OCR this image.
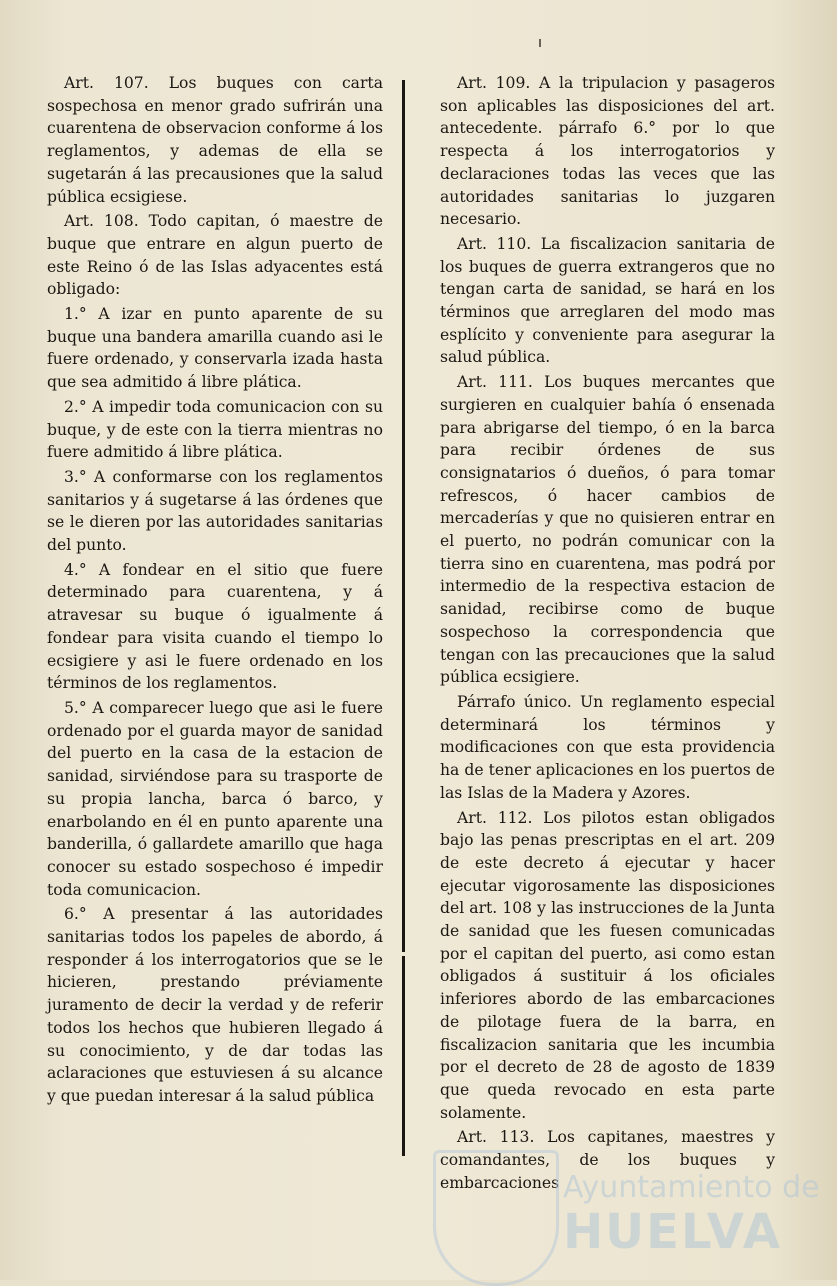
Art. 107. Los buques con carta sospechosa en menor grado sufrirán una cuarentena de observacion conforme á los reglamentos, y ademas de ella se sugetarán á las precausiones que la salud pública ecsigiese.

Art. 108. Todo capitan, ó maestre de buque que entrare en algun puerto de este Reino ó de las Islas adyacentes está obligado:

1.° A izar en punto aparente de su buque una bandera amarilla cuando asi le fuere ordenado, y conservarla izada hasta que sea admitido á libre plática.

2.° A impedir toda comunicacion con su buque, y de este con la tierra mientras no fuere admitido á libre plática.

3.° A conformarse con los reglamentos sanitarios y á sugetarse á las órdenes que se le dieren por las autoridades sanitarias del punto.

4.° A fondear en el sitio que fuere determinado para cuarentena, y á atravesar su buque ó igualmente á fondear para visita cuando el tiempo lo ecsigiere y asi le fuere ordenado en los términos de los reglamentos.

5.° A comparecer luego que asi le fuere ordenado por el guarda mayor de sanidad del puerto en la casa de la estacion de sanidad, sirviéndose para su trasporte de su propia lancha, barca ó barco, y enarbolando en él en punto aparente una banderilla, ó gallardete amarillo que haga conocer su estado sospechoso é impedir toda comunicacion.

6.° A presentar á las autoridades sanitarias todos los papeles de abordo, á responder á los interrogatorios que se le hicieren, prestando préviamente juramento de decir la verdad y de referir todos los hechos que hubieren llegado á su conocimiento, y de dar todas las aclaraciones que estuviesen á su alcance y que puedan interesar á la salud pública

Art. 109. A la tripulacion y pasageros son aplicables las disposiciones del art. antecedente. párrafo 6.° por lo que respecta á los interrogatorios y declaraciones todas las veces que las autoridades sanitarias lo juzgaren necesario.

Art. 110. La fiscalizacion sanitaria de los buques de guerra extrangeros que no tengan carta de sanidad, se hará en los términos que arreglaren del modo mas esplícito y conveniente para asegurar la salud pública.

Art. 111. Los buques mercantes que surgieren en cualquier bahía ó ensenada para abrigarse del tiempo, ó en la barca para recibir órdenes de sus consignatarios ó dueños, ó para tomar refrescos, ó hacer cambios de mercaderías y que no quisieren entrar en el puerto, no podrán comunicar con la tierra sino en cuarentena, mas podrá por intermedio de la respectiva estacion de sanidad, recibirse como de buque sospechoso la correspondencia que tengan con las precauciones que la salud pública ecsigiere.

Párrafo único. Un reglamento especial determinará los términos y modificaciones con que esta providencia ha de tener aplicaciones en los puertos de las Islas de la Madera y Azores.

Art. 112. Los pilotos estan obligados bajo las penas prescriptas en el art. 209 de este decreto á ejecutar y hacer ejecutar vigorosamente las disposiciones del art. 108 y las instrucciones de la Junta de sanidad que les fuesen comunicadas por el capitan del puerto, asi como estan obligados á sustituir á los oficiales inferiores abordo de las embarcaciones de pilotage fuera de la barra, en fiscalizacion sanitaria que les incumbia por el decreto de 28 de agosto de 1839 que queda revocado en esta parte solamente.

Art. 113. Los capitanes, maestres y comandantes, de los buques y embarcaciones Ayuntamiento de
HUELVA
